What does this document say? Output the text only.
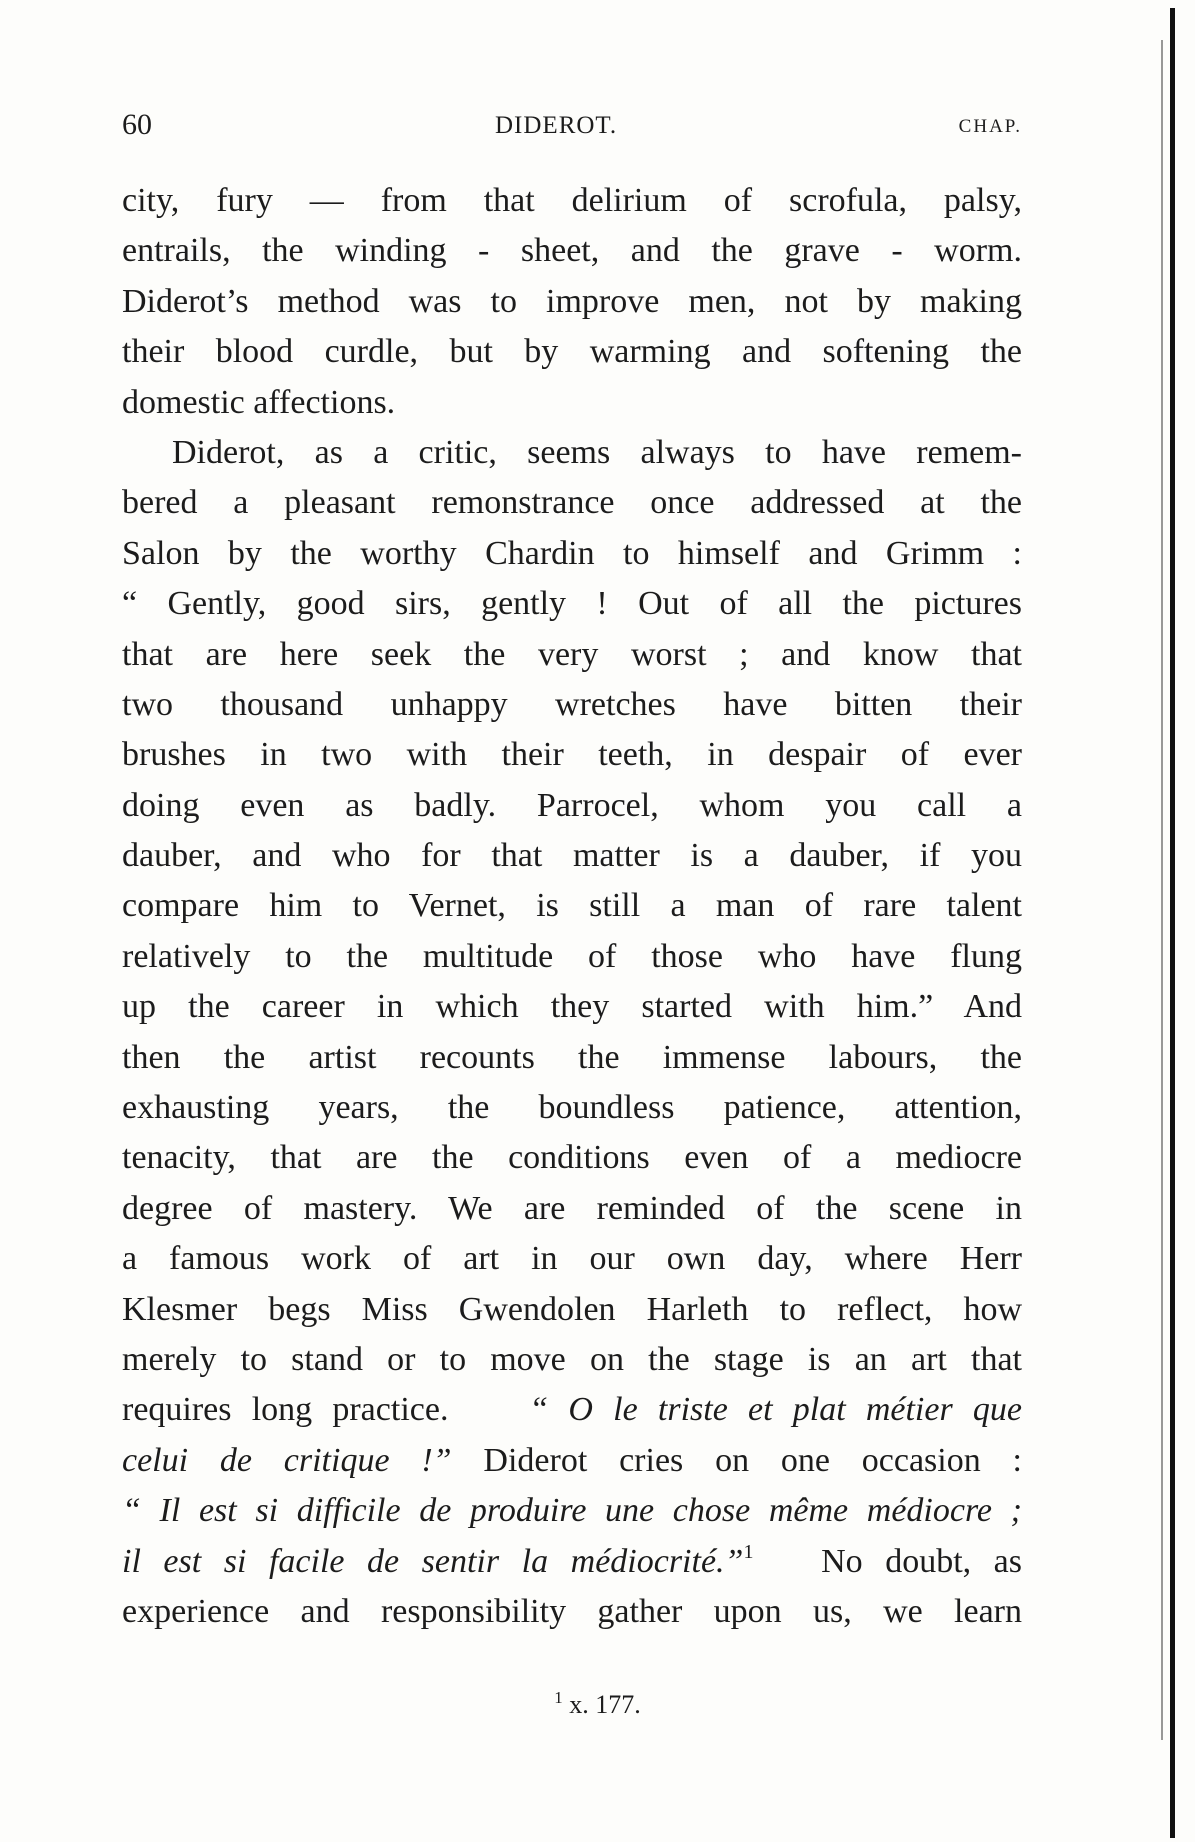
60	DIDEROT.	CHAP.
city, fury — from that delirium of scrofula, palsy,
entrails, the winding - sheet, and the grave - worm.
Diderot’s method was to improve men, not by making
their blood curdle, but by warming and softening the
domestic affections.
Diderot, as a critic, seems always to have remem-
bered a pleasant remonstrance once addressed at the
Salon by the worthy Chardin to himself and Grimm :
“ Gently, good sirs, gently ! Out of all the pictures
that are here seek the very worst ; and know that
two thousand unhappy wretches have bitten their
brushes in two with their teeth, in despair of ever
doing even as badly. Parrocel, whom you call a
dauber, and who for that matter is a dauber, if you
compare him to Vernet, is still a man of rare talent
relatively to the multitude of those who have flung
up the career in which they started with him.” And
then the artist recounts the immense labours, the
exhausting years, the boundless patience, attention,
tenacity, that are the conditions even of a mediocre
degree of mastery. We are reminded of the scene in
a famous work of art in our own day, where Herr
Klesmer begs Miss Gwendolen Harleth to reflect, how
merely to stand or to move on the stage is an art that
requires long practice. “ O le triste et plat métier que
celui de critique !” Diderot cries on one occasion :
“ Il est si difficile de produire une chose même médiocre ;
il est si facile de sentir la médiocrité.”$^1$ No doubt, as
experience and responsibility gather upon us, we learn
$^1$ x. 177.
